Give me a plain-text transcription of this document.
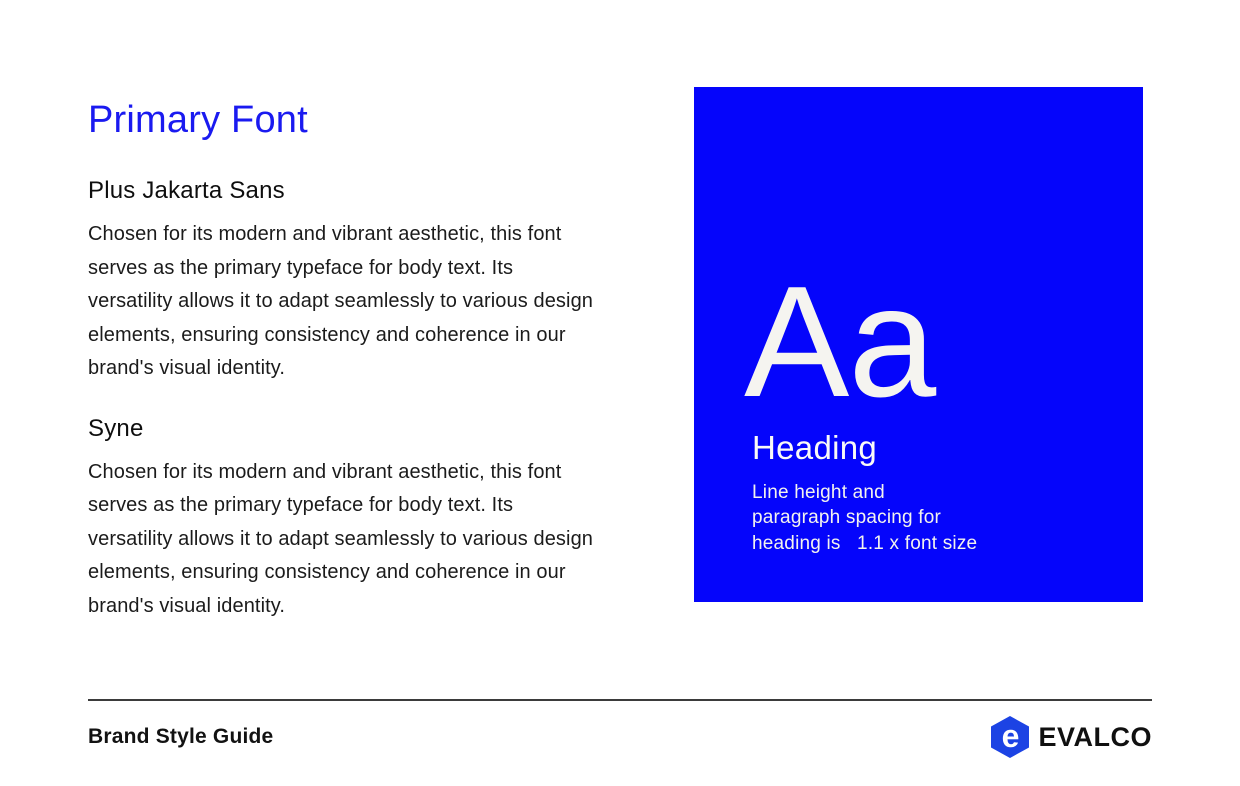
Primary Font
Plus Jakarta Sans
Chosen for its modern and vibrant aesthetic, this font
serves as the primary typeface for body text. Its
versatility allows it to adapt seamlessly to various design
elements, ensuring consistency and coherence in our
brand's visual identity.
Syne
Chosen for its modern and vibrant aesthetic, this font
serves as the primary typeface for body text. Its
versatility allows it to adapt seamlessly to various design
elements, ensuring consistency and coherence in our
brand's visual identity.
Aa
Heading
Line height and
paragraph spacing for
heading is   1.1 x font size
Brand Style Guide	e EVALCO
